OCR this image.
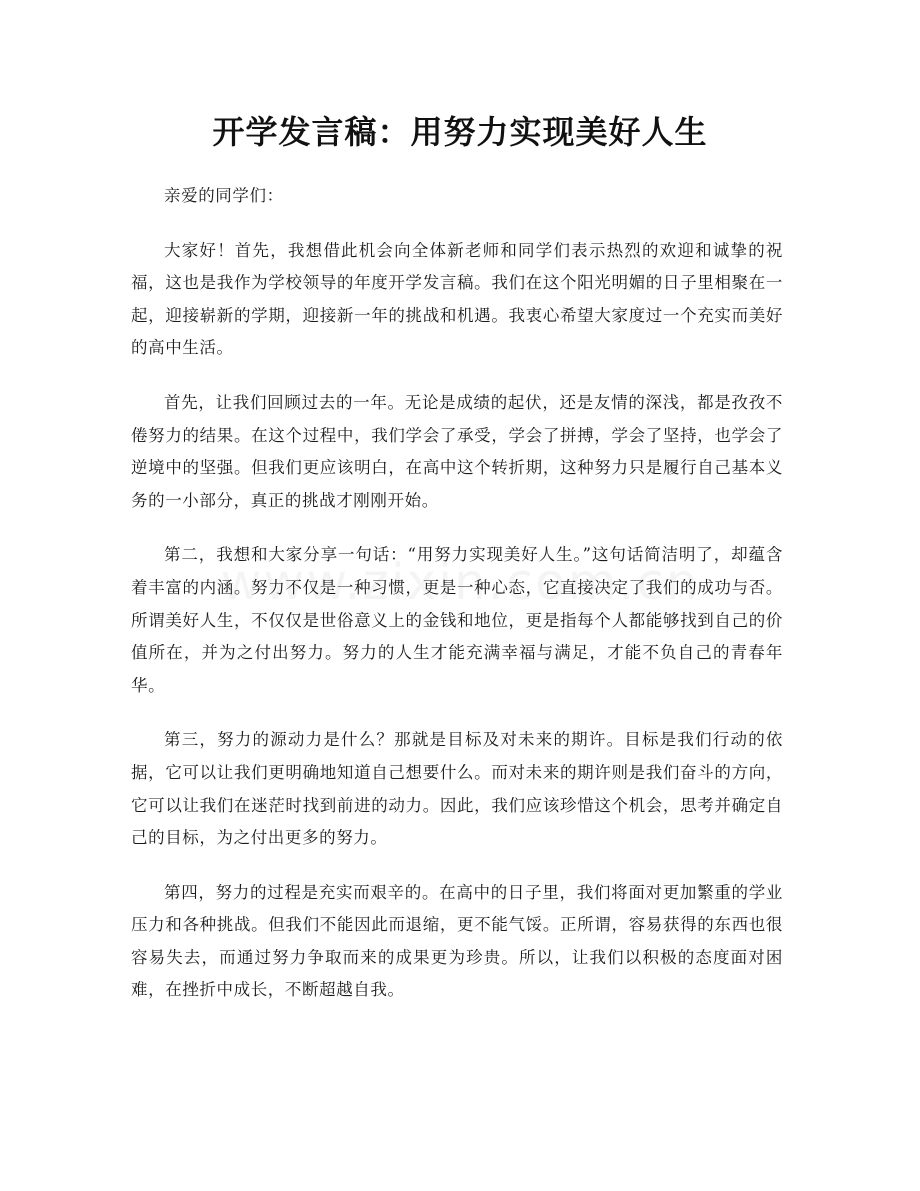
开学发言稿：用努力实现美好人生

亲爱的同学们：

大家好！首先，我想借此机会向全体新老师和同学们表示热烈的欢迎和诚挚的祝福，这也是我作为学校领导的年度开学发言稿。我们在这个阳光明媚的日子里相聚在一起，迎接崭新的学期，迎接新一年的挑战和机遇。我衷心希望大家度过一个充实而美好的高中生活。

首先，让我们回顾过去的一年。无论是成绩的起伏，还是友情的深浅，都是孜孜不倦努力的结果。在这个过程中，我们学会了承受，学会了拼搏，学会了坚持，也学会了逆境中的坚强。但我们更应该明白，在高中这个转折期，这种努力只是履行自己基本义务的一小部分，真正的挑战才刚刚开始。

第二，我想和大家分享一句话：“用努力实现美好人生。”这句话简洁明了，却蕴含着丰富的内涵。努力不仅是一种习惯，更是一种心态，它直接决定了我们的成功与否。所谓美好人生，不仅仅是世俗意义上的金钱和地位，更是指每个人都能够找到自己的价值所在，并为之付出努力。努力的人生才能充满幸福与满足，才能不负自己的青春年华。

第三，努力的源动力是什么？那就是目标及对未来的期许。目标是我们行动的依据，它可以让我们更明确地知道自己想要什么。而对未来的期许则是我们奋斗的方向，它可以让我们在迷茫时找到前进的动力。因此，我们应该珍惜这个机会，思考并确定自己的目标，为之付出更多的努力。

第四，努力的过程是充实而艰辛的。在高中的日子里，我们将面对更加繁重的学业压力和各种挑战。但我们不能因此而退缩，更不能气馁。正所谓，容易获得的东西也很容易失去，而通过努力争取而来的成果更为珍贵。所以，让我们以积极的态度面对困难，在挫折中成长，不断超越自我。
